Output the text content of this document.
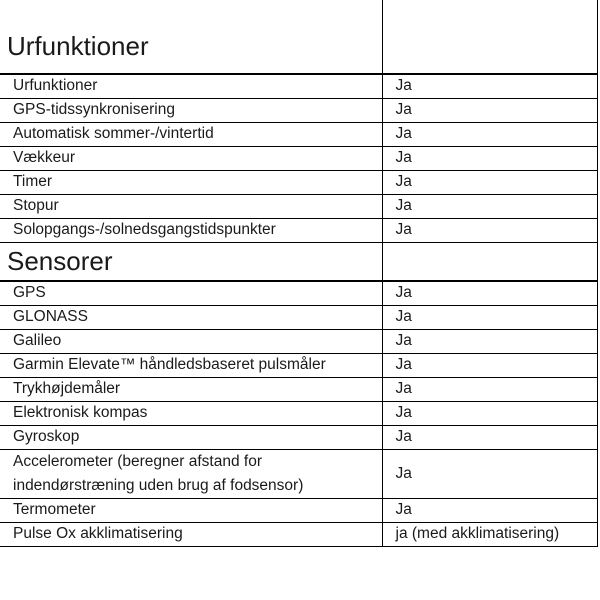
Urfunktioner	
Urfunktioner	Ja
GPS-tidssynkronisering	Ja
Automatisk sommer-/vintertid	Ja
Vækkeur	Ja
Timer	Ja
Stopur	Ja
Solopgangs-/solnedsgangstidspunkter	Ja
Sensorer	
GPS	Ja
GLONASS	Ja
Galileo	Ja
Garmin Elevate™ håndledsbaseret pulsmåler	Ja
Trykhøjdemåler	Ja
Elektronisk kompas	Ja
Gyroskop	Ja
Accelerometer (beregner afstand for indendørstræning uden brug af fodsensor)	Ja
Termometer	Ja
Pulse Ox akklimatisering	ja (med akklimatisering)
